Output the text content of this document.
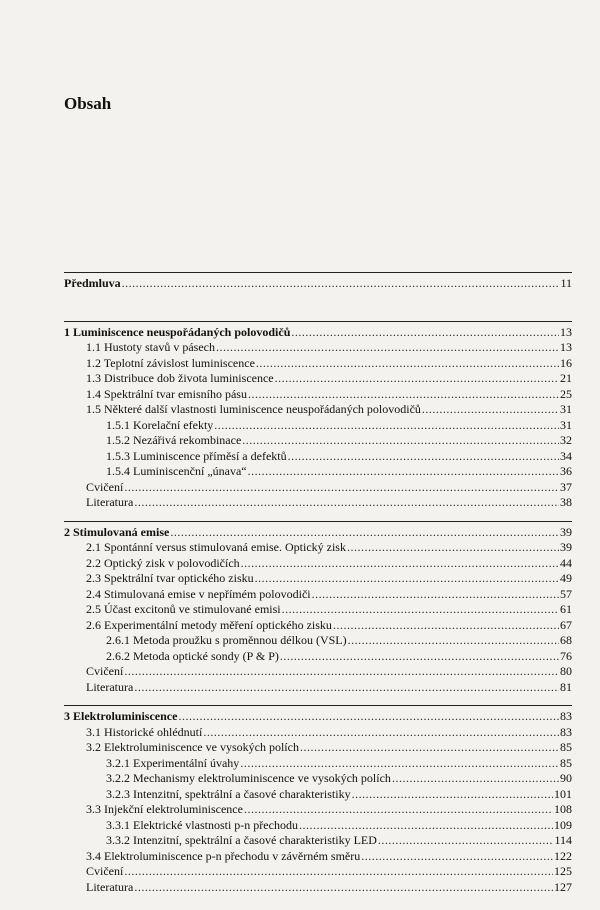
Obsah
Předmluva .....	11
1 Luminiscence neuspořádaných polovodičů .....	13
1.1 Hustoty stavů v pásech .....	13
1.2 Teplotní závislost luminiscence .....	16
1.3 Distribuce dob života luminiscence .....	21
1.4 Spektrální tvar emisního pásu .....	25
1.5 Některé další vlastnosti luminiscence neuspořádaných polovodičů .....	31
1.5.1 Korelační efekty .....	31
1.5.2 Nezářivá rekombinace .....	32
1.5.3 Luminiscence příměsí a defektů .....	34
1.5.4 Luminiscenční „únava“ .....	36
Cvičení .....	37
Literatura .....	38
2 Stimulovaná emise .....	39
2.1 Spontánní versus stimulovaná emise. Optický zisk .....	39
2.2 Optický zisk v polovodičích .....	44
2.3 Spektrální tvar optického zisku .....	49
2.4 Stimulovaná emise v nepřímém polovodiči .....	57
2.5 Účast excitonů ve stimulované emisi .....	61
2.6 Experimentální metody měření optického zisku .....	67
2.6.1 Metoda proužku s proměnnou délkou (VSL) .....	68
2.6.2 Metoda optické sondy (P & P) .....	76
Cvičení .....	80
Literatura .....	81
3 Elektroluminiscence .....	83
3.1 Historické ohlédnutí .....	83
3.2 Elektroluminiscence ve vysokých polích .....	85
3.2.1 Experimentální úvahy .....	85
3.2.2 Mechanismy elektroluminiscence ve vysokých polích .....	90
3.2.3 Intenzitní, spektrální a časové charakteristiky .....	101
3.3 Injekční elektroluminiscence .....	108
3.3.1 Elektrické vlastnosti p-n přechodu .....	109
3.3.2 Intenzitní, spektrální a časové charakteristiky LED .....	114
3.4 Elektroluminiscence p-n přechodu v závěrném směru .....	122
Cvičení .....	125
Literatura .....	127
